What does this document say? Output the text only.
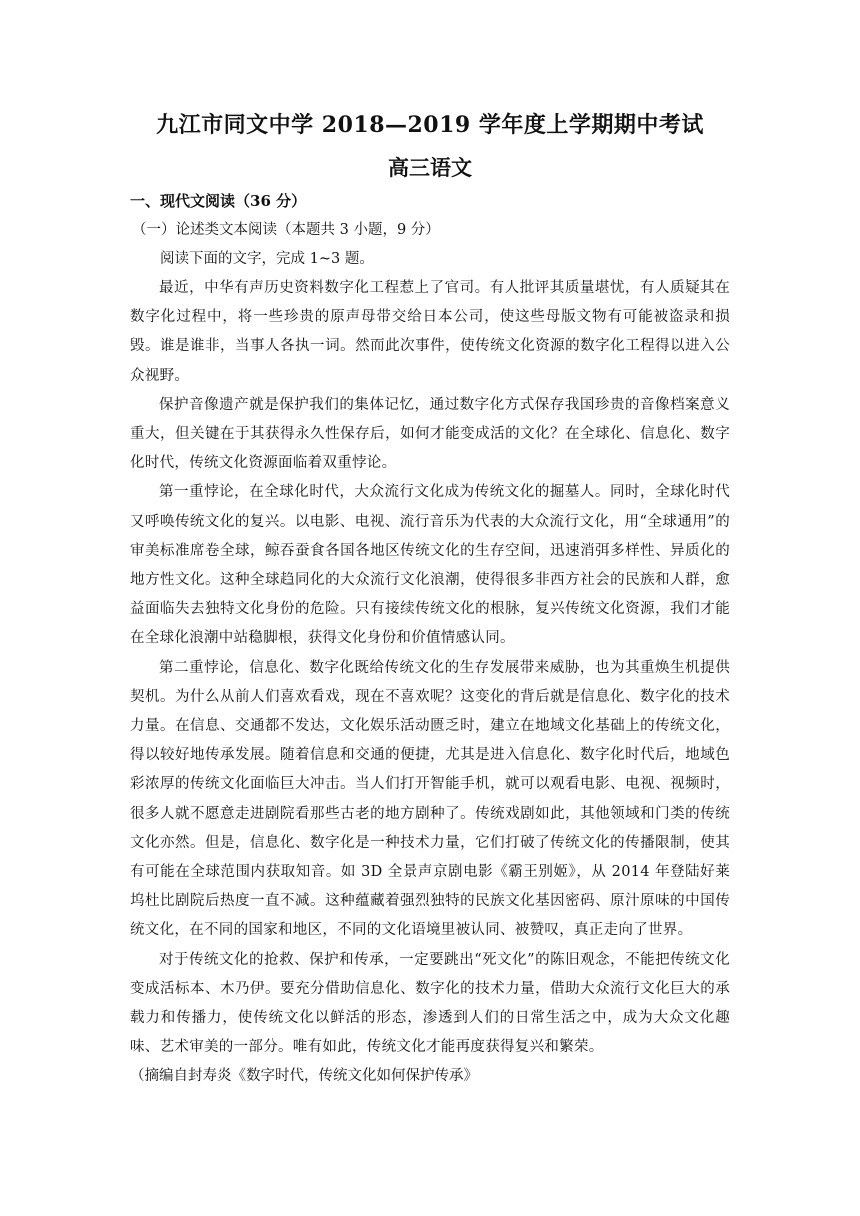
九江市同文中学 2018—2019 学年度上学期期中考试
高三语文
一、现代文阅读（36 分）
（一）论述类文本阅读（本题共 3 小题，9 分）
阅读下面的文字，完成 1~3 题。

最近，中华有声历史资料数字化工程惹上了官司。有人批评其质量堪忧，有人质疑其在数字化过程中，将一些珍贵的原声母带交给日本公司，使这些母版文物有可能被盗录和损毁。谁是谁非，当事人各执一词。然而此次事件，使传统文化资源的数字化工程得以进入公众视野。

保护音像遗产就是保护我们的集体记忆，通过数字化方式保存我国珍贵的音像档案意义重大，但关键在于其获得永久性保存后，如何才能变成活的文化？在全球化、信息化、数字化时代，传统文化资源面临着双重悖论。

第一重悖论，在全球化时代，大众流行文化成为传统文化的掘墓人。同时，全球化时代又呼唤传统文化的复兴。以电影、电视、流行音乐为代表的大众流行文化，用“全球通用”的审美标准席卷全球，鲸吞蚕食各国各地区传统文化的生存空间，迅速消弭多样性、异质化的地方性文化。这种全球趋同化的大众流行文化浪潮，使得很多非西方社会的民族和人群，愈益面临失去独特文化身份的危险。只有接续传统文化的根脉，复兴传统文化资源，我们才能在全球化浪潮中站稳脚根，获得文化身份和价值情感认同。

第二重悖论，信息化、数字化既给传统文化的生存发展带来威胁，也为其重焕生机提供契机。为什么从前人们喜欢看戏，现在不喜欢呢？这变化的背后就是信息化、数字化的技术力量。在信息、交通都不发达，文化娱乐活动匮乏时，建立在地域文化基础上的传统文化，得以较好地传承发展。随着信息和交通的便捷，尤其是进入信息化、数字化时代后，地域色彩浓厚的传统文化面临巨大冲击。当人们打开智能手机，就可以观看电影、电视、视频时，很多人就不愿意走进剧院看那些古老的地方剧种了。传统戏剧如此，其他领域和门类的传统文化亦然。但是，信息化、数字化是一种技术力量，它们打破了传统文化的传播限制，使其有可能在全球范围内获取知音。如 3D 全景声京剧电影《霸王别姬》，从 2014 年登陆好莱坞杜比剧院后热度一直不减。这种蕴藏着强烈独特的民族文化基因密码、原汁原味的中国传统文化，在不同的国家和地区，不同的文化语境里被认同、被赞叹，真正走向了世界。

对于传统文化的抢救、保护和传承，一定要跳出“死文化”的陈旧观念，不能把传统文化变成活标本、木乃伊。要充分借助信息化、数字化的技术力量，借助大众流行文化巨大的承载力和传播力，使传统文化以鲜活的形态，渗透到人们的日常生活之中，成为大众文化趣味、艺术审美的一部分。唯有如此，传统文化才能再度获得复兴和繁荣。

（摘编自封寿炎《数字时代，传统文化如何保护传承》
